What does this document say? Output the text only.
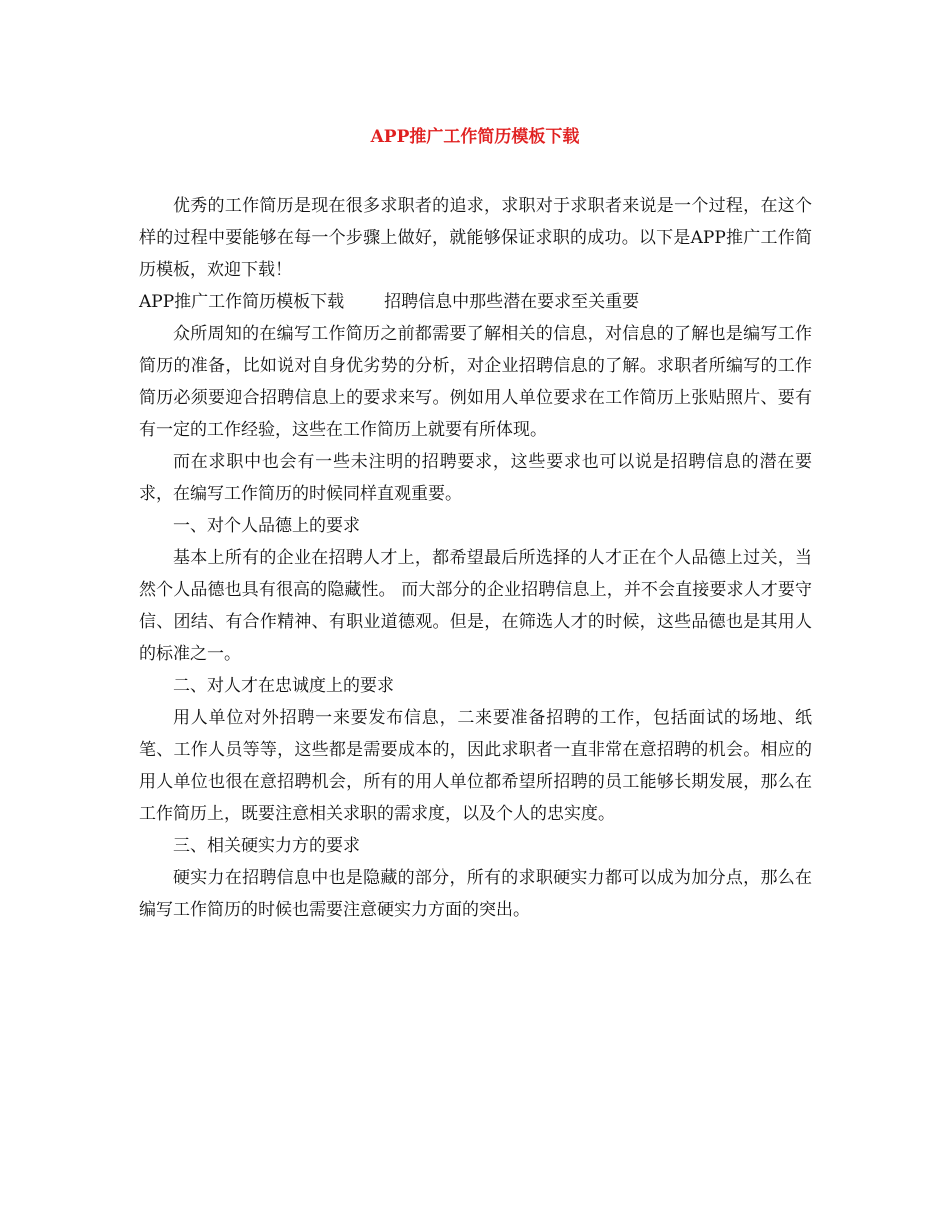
APP推广工作简历模板下载

优秀的工作简历是现在很多求职者的追求，求职对于求职者来说是一个过程，在这个样的过程中要能够在每一个步骤上做好，就能够保证求职的成功。以下是APP推广工作简历模板，欢迎下载！

APP推广工作简历模板下载 招聘信息中那些潜在要求至关重要

众所周知的在编写工作简历之前都需要了解相关的信息，对信息的了解也是编写工作简历的准备，比如说对自身优劣势的分析，对企业招聘信息的了解。求职者所编写的工作简历必须要迎合招聘信息上的要求来写。例如用人单位要求在工作简历上张贴照片、要有有一定的工作经验，这些在工作简历上就要有所体现。

而在求职中也会有一些未注明的招聘要求，这些要求也可以说是招聘信息的潜在要求，在编写工作简历的时候同样直观重要。

一、对个人品德上的要求

基本上所有的企业在招聘人才上，都希望最后所选择的人才正在个人品德上过关，当然个人品德也具有很高的隐藏性。 而大部分的企业招聘信息上，并不会直接要求人才要守信、团结、有合作精神、有职业道德观。但是，在筛选人才的时候，这些品德也是其用人的标准之一。

二、对人才在忠诚度上的要求

用人单位对外招聘一来要发布信息，二来要准备招聘的工作，包括面试的场地、纸笔、工作人员等等，这些都是需要成本的，因此求职者一直非常在意招聘的机会。相应的用人单位也很在意招聘机会，所有的用人单位都希望所招聘的员工能够长期发展，那么在工作简历上，既要注意相关求职的需求度，以及个人的忠实度。

三、相关硬实力方的要求

硬实力在招聘信息中也是隐藏的部分，所有的求职硬实力都可以成为加分点，那么在编写工作简历的时候也需要注意硬实力方面的突出。
